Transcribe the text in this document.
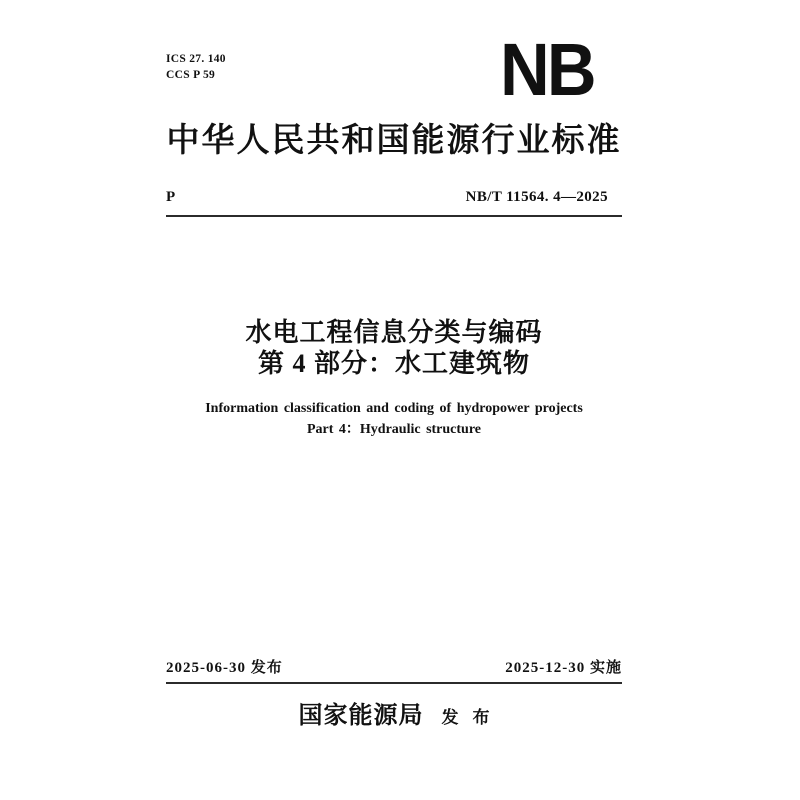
ICS 27. 140
CCS P 59	NB
中华人民共和国能源行业标准
P	NB/T 11564. 4—2025
水电工程信息分类与编码
第 4 部分：水工建筑物
Information classification and coding of hydropower projects
Part 4：Hydraulic structure
2025-06-30 发布	2025-12-30 实施
国家能源局 发布
